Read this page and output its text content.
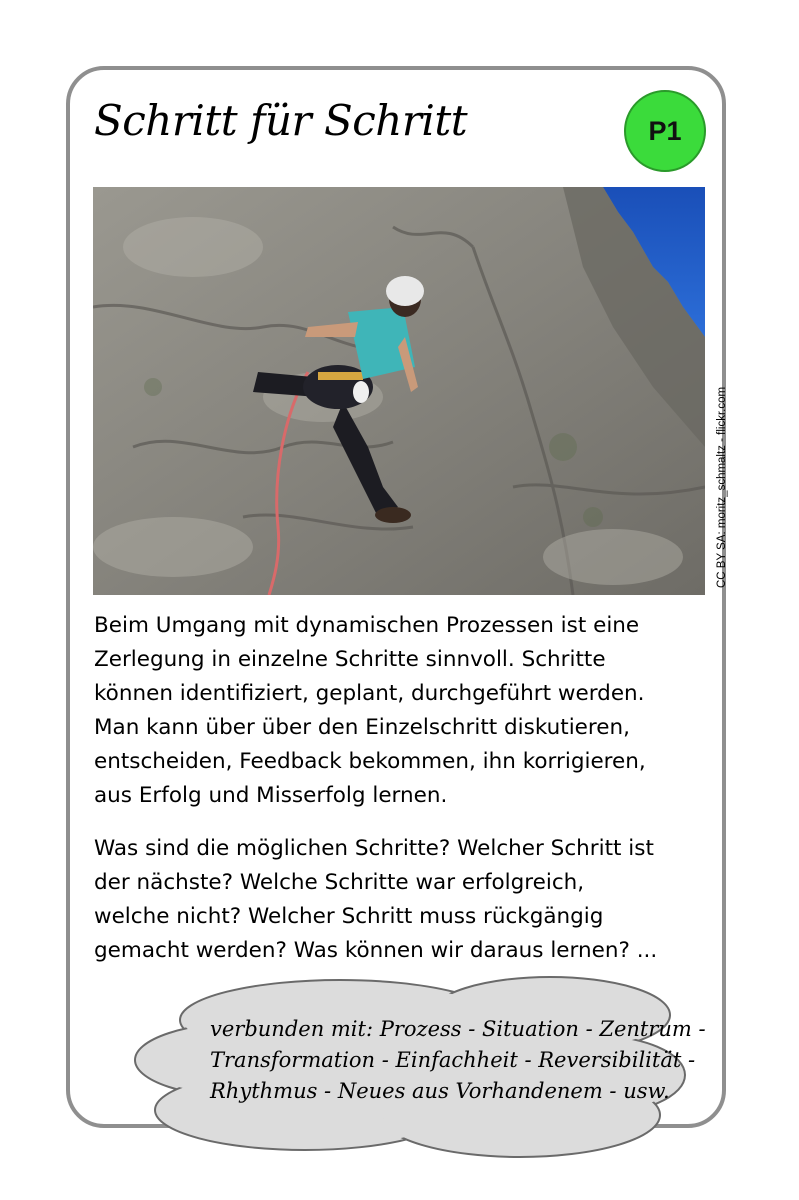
Schritt für Schritt	P1
CC BY SA: moritz_schmaltz - flickr.com

Beim Umgang mit dynamischen Prozessen ist eine
Zerlegung in einzelne Schritte sinnvoll. Schritte
können identifiziert, geplant, durchgeführt werden.
Man kann über über den Einzelschritt diskutieren,
entscheiden, Feedback bekommen, ihn korrigieren,
aus Erfolg und Misserfolg lernen.

Was sind die möglichen Schritte? Welcher Schritt ist
der nächste? Welche Schritte war erfolgreich,
welche nicht? Welcher Schritt muss rückgängig
gemacht werden? Was können wir daraus lernen? ...

verbunden mit: Prozess - Situation - Zentrum -
Transformation - Einfachheit - Reversibilität -
Rhythmus - Neues aus Vorhandenem - usw.
